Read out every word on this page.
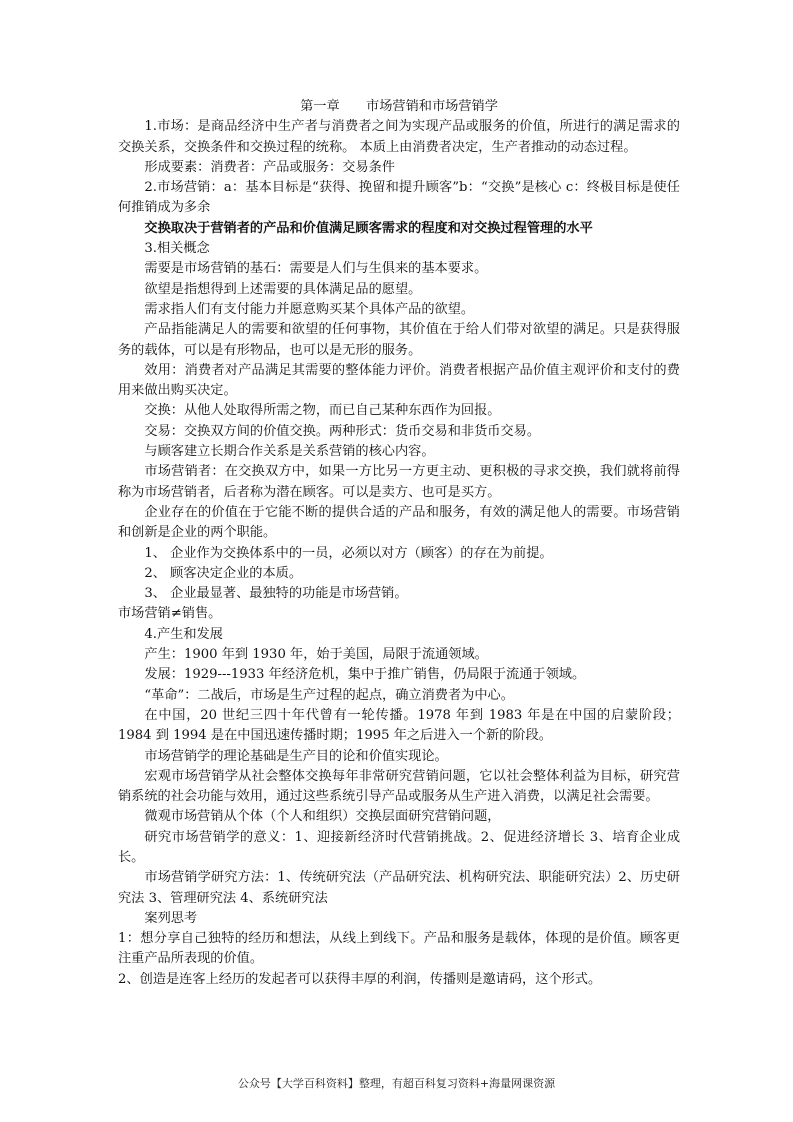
第一章　　市场营销和市场营销学

1.市场：是商品经济中生产者与消费者之间为实现产品或服务的价值，所进行的满足需求的交换关系，交换条件和交换过程的统称。 本质上由消费者决定，生产者推动的动态过程。

形成要素：消费者：产品或服务：交易条件

2.市场营销：a：基本目标是“获得、挽留和提升顾客”b：“交换”是核心 c：终极目标是使任何推销成为多余

交换取决于营销者的产品和价值满足顾客需求的程度和对交换过程管理的水平

3.相关概念

需要是市场营销的基石：需要是人们与生俱来的基本要求。

欲望是指想得到上述需要的具体满足品的愿望。

需求指人们有支付能力并愿意购买某个具体产品的欲望。

产品指能满足人的需要和欲望的任何事物，其价值在于给人们带对欲望的满足。只是获得服务的载体，可以是有形物品，也可以是无形的服务。

效用：消费者对产品满足其需要的整体能力评价。消费者根据产品价值主观评价和支付的费用来做出购买决定。

交换：从他人处取得所需之物，而已自己某种东西作为回报。

交易：交换双方间的价值交换。两种形式：货币交易和非货币交易。

与顾客建立长期合作关系是关系营销的核心内容。

市场营销者：在交换双方中，如果一方比另一方更主动、更积极的寻求交换，我们就将前得称为市场营销者，后者称为潜在顾客。可以是卖方、也可是买方。

企业存在的价值在于它能不断的提供合适的产品和服务，有效的满足他人的需要。市场营销和创新是企业的两个职能。

1、 企业作为交换体系中的一员，必须以对方（顾客）的存在为前提。

2、 顾客决定企业的本质。

3、 企业最显著、最独特的功能是市场营销。

市场营销≠销售。

4.产生和发展

产生：1900 年到 1930 年，始于美国，局限于流通领域。

发展：1929---1933 年经济危机，集中于推广销售，仍局限于流通于领域。

“革命”：二战后，市场是生产过程的起点，确立消费者为中心。

在中国，20 世纪三四十年代曾有一轮传播。1978 年到 1983 年是在中国的启蒙阶段；1984 到 1994 是在中国迅速传播时期；1995 年之后进入一个新的阶段。

市场营销学的理论基础是生产目的论和价值实现论。

宏观市场营销学从社会整体交换每年非常研究营销问题，它以社会整体利益为目标，研究营销系统的社会功能与效用，通过这些系统引导产品或服务从生产进入消费，以满足社会需要。

微观市场营销从个体（个人和组织）交换层面研究营销问题，

研究市场营销学的意义：1、迎接新经济时代营销挑战。2、促进经济增长 3、培育企业成长。

市场营销学研究方法：1、传统研究法（产品研究法、机构研究法、职能研究法）2、历史研究法 3、管理研究法 4、系统研究法

案列思考

1：想分享自己独特的经历和想法，从线上到线下。产品和服务是载体，体现的是价值。顾客更注重产品所表现的价值。

2、创造是连客上经历的发起者可以获得丰厚的利润，传播则是邀请码，这个形式。

公众号【大学百科资料】整理，有超百科复习资料+海量网课资源
